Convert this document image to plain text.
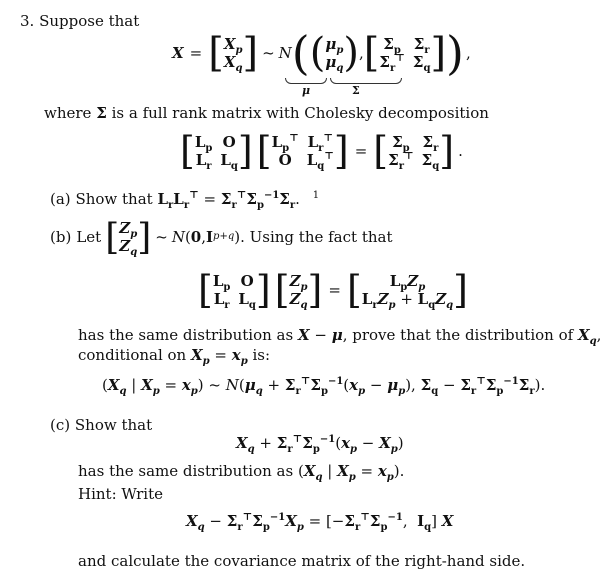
3. Suppose that
X = [ $X_p$
$X_q$ ] ~ N ( ( $\mu_p$
$\mu_q$ ) , [ $\Sigma_p$ $\Sigma_r$
$\Sigma_r^⊤$ $\Sigma_q$ ] ) ,
μ	Σ
where Σ is a full rank matrix with Cholesky decomposition
[ $L_p$ O
$L_r$ $L_q$ ] [ $L_p^⊤$ $L_r^⊤$
O	$L_q^⊤$ ] = [ $\Sigma_p$ $\Sigma_r$
$\Sigma_r^⊤$ $\Sigma_q$ ] .
(a) Show that $L_rL_r^⊤ = \Sigma_r^⊤\Sigma_p^{-1}\Sigma_r$. $^1$
(b) Let [ $Z_p$
$Z_q$ ] ~ N ( 0 , I p+q ) . Using the fact that
[ $L_p$ O
$L_r$ $L_q$ ] [ $Z_p$
$Z_q$ ] = [	$L_pZ_p$
$L_rZ_p + L_qZ_q$ ]
has the same distribution as X − μ, prove that the distribution of $X_q$,
conditional on $X_p = x_p$ is:
($X_q$ | $X_p = x_p$) ~ $N(\mu_q + \Sigma_r^⊤\Sigma_p^{-1}(x_p - \mu_p)$, $\Sigma_q - \Sigma_r^⊤\Sigma_p^{-1}\Sigma_r$).
(c) Show that
$X_q + \Sigma_r^⊤\Sigma_p^{-1}(x_p - X_p)$
has the same distribution as ($X_q$ | $X_p = x_p$).
Hint: Write
$X_q - \Sigma_r^⊤\Sigma_p^{-1}X_p = [-\Sigma_r^⊤\Sigma_p^{-1}$,  $I_q$] X
and calculate the covariance matrix of the right-hand side.
